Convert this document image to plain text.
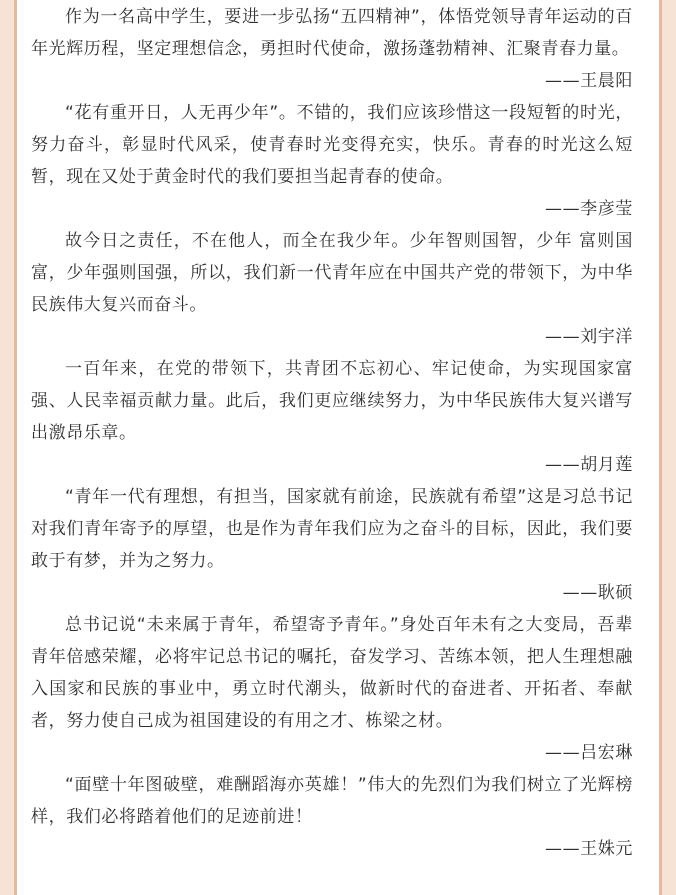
作为一名高中学生，要进一步弘扬“五四精神”，体悟党领导青年运动的百年光辉历程，坚定理想信念，勇担时代使命，激扬蓬勃精神、汇聚青春力量。

——王晨阳

“花有重开日，人无再少年”。不错的，我们应该珍惜这一段短暂的时光，努力奋斗，彰显时代风采，使青春时光变得充实，快乐。青春的时光这么短暂，现在又处于黄金时代的我们要担当起青春的使命。

——李彦莹

故今日之责任，不在他人，而全在我少年。少年智则国智，少年 富则国富，少年强则国强，所以，我们新一代青年应在中国共产党的带领下，为中华民族伟大复兴而奋斗。

——刘宇洋

一百年来，在党的带领下，共青团不忘初心、牢记使命，为实现国家富强、人民幸福贡献力量。此后，我们更应继续努力，为中华民族伟大复兴谱写出激昂乐章。

——胡月莲

“青年一代有理想，有担当，国家就有前途，民族就有希望”这是习总书记对我们青年寄予的厚望，也是作为青年我们应为之奋斗的目标，因此，我们要敢于有梦，并为之努力。

——耿硕

总书记说“未来属于青年，希望寄予青年。”身处百年未有之大变局，吾辈青年倍感荣耀，必将牢记总书记的嘱托，奋发学习、苦练本领，把人生理想融入国家和民族的事业中，勇立时代潮头，做新时代的奋进者、开拓者、奉献者，努力使自己成为祖国建设的有用之才、栋梁之材。

——吕宏琳

“面壁十年图破壁，难酬蹈海亦英雄！”伟大的先烈们为我们树立了光辉榜样，我们必将踏着他们的足迹前进！

——王姝元
